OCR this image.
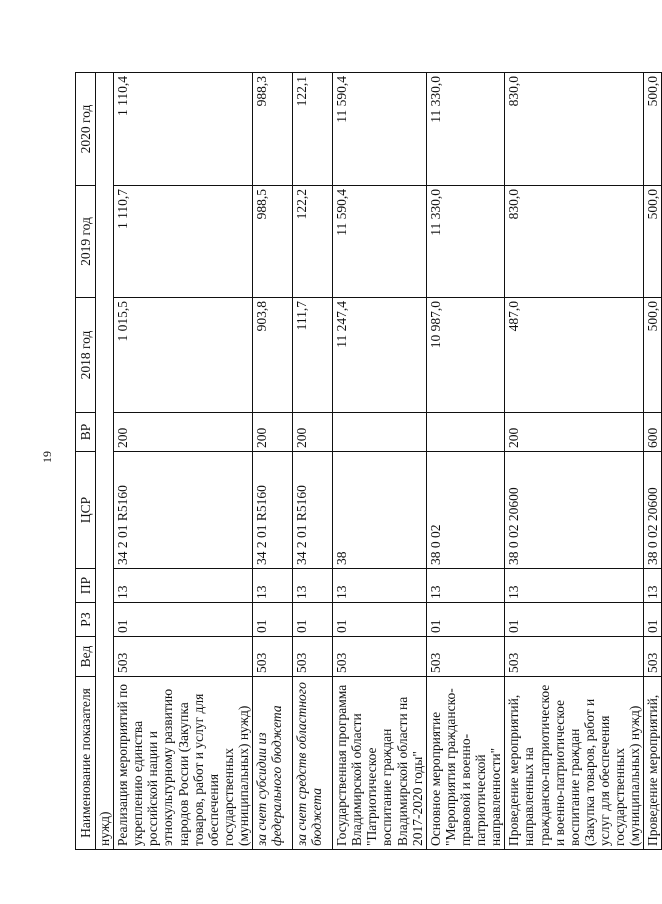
19
Наименование показателя	Вед	РЗ	ПР	ЦСР	ВР	2018 год	2019 год	2020 год
нужд)								
Реализация мероприятий по укреплению единства российской нации и этнокультурному развитию народов России (Закупка товаров, работ и услуг для обеспечения государственных (муниципальных) нужд)	503	01	13	34 2 01 R5160	200	1 015,5	1 110,7	1 110,4
за счет субсидии из федерального бюджета	503	01	13	34 2 01 R5160	200	903,8	988,5	988,3
за счет средств областного бюджета	503	01	13	34 2 01 R5160	200	111,7	122,2	122,1
Государственная программа Владимирской области "Патриотическое воспитание граждан Владимирской области на 2017-2020 годы"	503	01	13	38		11 247,4	11 590,4	11 590,4
Основное мероприятие "Мероприятия гражданско-правовой и военно-патриотической направленности"	503	01	13	38 0 02		10 987,0	11 330,0	11 330,0
Проведение мероприятий, направленных на гражданско-патриотическое и военно-патриотическое воспитание граждан (Закупка товаров, работ и услуг для обеспечения государственных (муниципальных) нужд)	503	01	13	38 0 02 20600	200	487,0	830,0	830,0
Проведение мероприятий,	503	01	13	38 0 02 20600	600	500,0	500,0	500,0
